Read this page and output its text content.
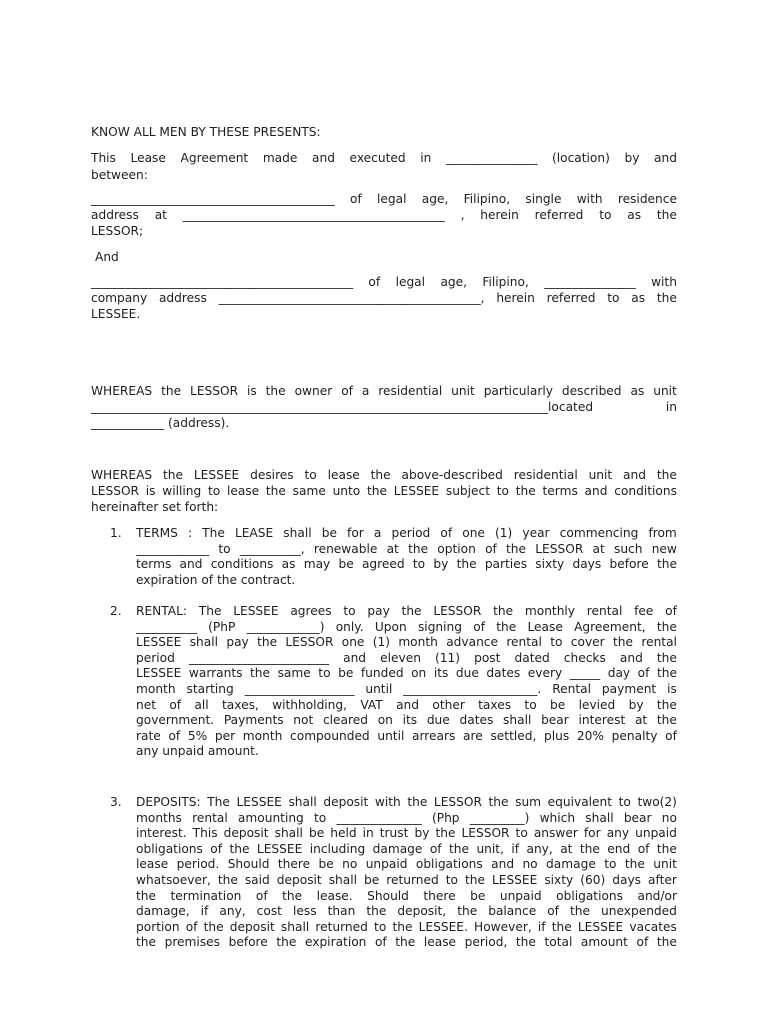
KNOW ALL MEN BY THESE PRESENTS:
This Lease Agreement made and executed in _______________ (location) by and
between:
________________________________________ of legal age, Filipino, single with residence
address at ___________________________________________ , herein referred to as the
LESSOR;
And
___________________________________________ of legal age, Filipino, _______________ with
company address ___________________________________________, herein referred to as the
LESSEE.
WHEREAS the LESSOR is the owner of a residential unit particularly described as unit
___________________________________________________________________________located	in
____________ (address).
WHEREAS the LESSEE desires to lease the above-described residential unit and the
LESSOR is willing to lease the same unto the LESSEE subject to the terms and conditions
hereinafter set forth:
1. TERMS : The LEASE shall be for a period of one (1) year commencing from
____________ to __________, renewable at the option of the LESSOR at such new
terms and conditions as may be agreed to by the parties sixty days before the
expiration of the contract.
2. RENTAL: The LESSEE agrees to pay the LESSOR the monthly rental fee of
__________ (PhP ____________) only. Upon signing of the Lease Agreement, the
LESSEE shall pay the LESSOR one (1) month advance rental to cover the rental
period _______________________ and eleven (11) post dated checks and the
LESSEE warrants the same to be funded on its due dates every _____ day of the
month starting __________________ until ______________________. Rental payment is
net of all taxes, withholding, VAT and other taxes to be levied by the
government. Payments not cleared on its due dates shall bear interest at the
rate of 5% per month compounded until arrears are settled, plus 20% penalty of
any unpaid amount.
3. DEPOSITS: The LESSEE shall deposit with the LESSOR the sum equivalent to two(2)
months rental amounting to ______________ (Php _________) which shall bear no
interest. This deposit shall be held in trust by the LESSOR to answer for any unpaid
obligations of the LESSEE including damage of the unit, if any, at the end of the
lease period. Should there be no unpaid obligations and no damage to the unit
whatsoever, the said deposit shall be returned to the LESSEE sixty (60) days after
the termination of the lease. Should there be unpaid obligations and/or
damage, if any, cost less than the deposit, the balance of the unexpended
portion of the deposit shall returned to the LESSEE. However, if the LESSEE vacates
the premises before the expiration of the lease period, the total amount of the
